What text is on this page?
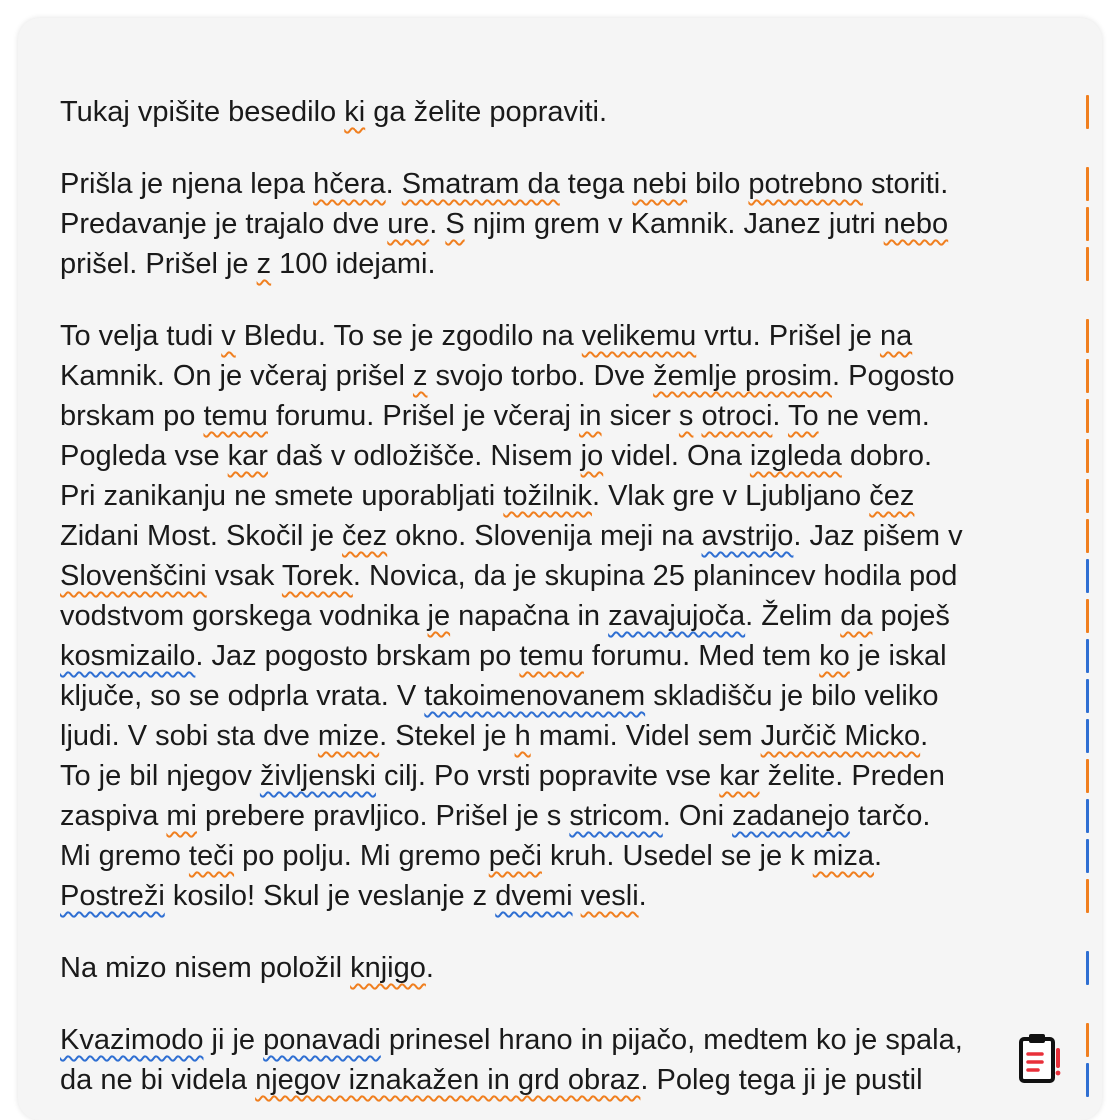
Tukaj vpišite besedilo ki ga želite popraviti.
Prišla je njena lepa hčera. Smatram da tega nebi bilo potrebno storiti.
Predavanje je trajalo dve ure. S njim grem v Kamnik. Janez jutri nebo
prišel. Prišel je z 100 idejami.
To velja tudi v Bledu. To se je zgodilo na velikemu vrtu. Prišel je na
Kamnik. On je včeraj prišel z svojo torbo. Dve žemlje prosim. Pogosto
brskam po temu forumu. Prišel je včeraj in sicer s otroci. To ne vem.
Pogleda vse kar daš v odložišče. Nisem jo videl. Ona izgleda dobro.
Pri zanikanju ne smete uporabljati tožilnik. Vlak gre v Ljubljano čez
Zidani Most. Skočil je čez okno. Slovenija meji na avstrijo. Jaz pišem v
Slovenščini vsak Torek. Novica, da je skupina 25 planincev hodila pod
vodstvom gorskega vodnika je napačna in zavajujoča. Želim da poješ
kosmizailo. Jaz pogosto brskam po temu forumu. Med tem ko je iskal
ključe, so se odprla vrata. V takoimenovanem skladišču je bilo veliko
ljudi. V sobi sta dve mize. Stekel je h mami. Videl sem Jurčič Micko.
To je bil njegov življenski cilj. Po vrsti popravite vse kar želite. Preden
zaspiva mi prebere pravljico. Prišel je s stricom. Oni zadanejo tarčo.
Mi gremo teči po polju. Mi gremo peči kruh. Usedel se je k miza.
Postreži kosilo! Skul je veslanje z dvemi vesli.
Na mizo nisem položil knjigo.
Kvazimodo ji je ponavadi prinesel hrano in pijačo, medtem ko je spala,
da ne bi videla njegov iznakažen in grd obraz. Poleg tega ji je pustil
